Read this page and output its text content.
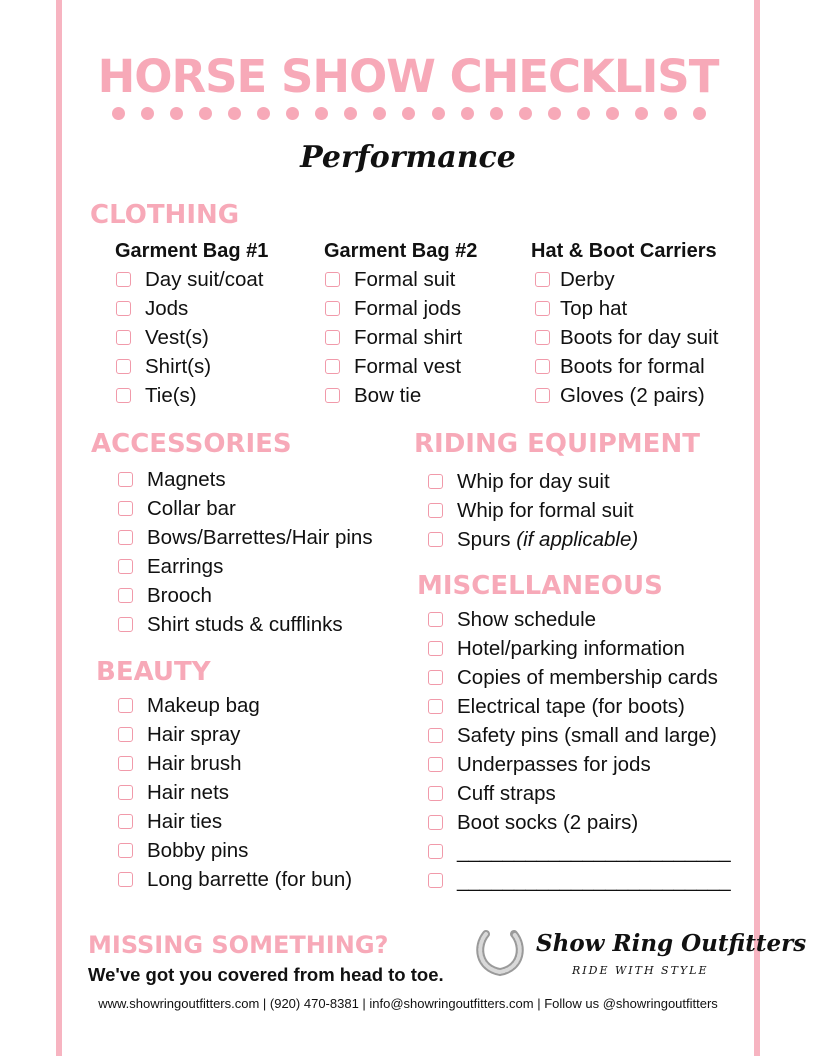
HORSE SHOW CHECKLIST
Performance
CLOTHING
Garment Bag #1
Day suit/coat
Jods
Vest(s)
Shirt(s)
Tie(s)
Garment Bag #2
Formal suit
Formal jods
Formal shirt
Formal vest
Bow tie
Hat & Boot Carriers
Derby
Top hat
Boots for day suit
Boots for formal
Gloves (2 pairs)
ACCESSORIES
Magnets
Collar bar
Bows/Barrettes/Hair pins
Earrings
Brooch
Shirt studs & cufflinks
RIDING EQUIPMENT
Whip for day suit
Whip for formal suit
Spurs
(if applicable)
BEAUTY
Makeup bag
Hair spray
Hair brush
Hair nets
Hair ties
Bobby pins
Long barrette (for bun)
MISCELLANEOUS
Show schedule
Hotel/parking information
Copies of membership cards
Electrical tape (for boots)
Safety pins (small and large)
Underpasses for jods
Cuff straps
Boot socks (2 pairs)
________________________
________________________
MISSING SOMETHING?
We've got you covered from head to toe.
Show Ring Outfitters
RIDE WITH STYLE
www.showringoutfitters.com | (920) 470-8381 | info@showringoutfitters.com | Follow us @showringoutfitters
